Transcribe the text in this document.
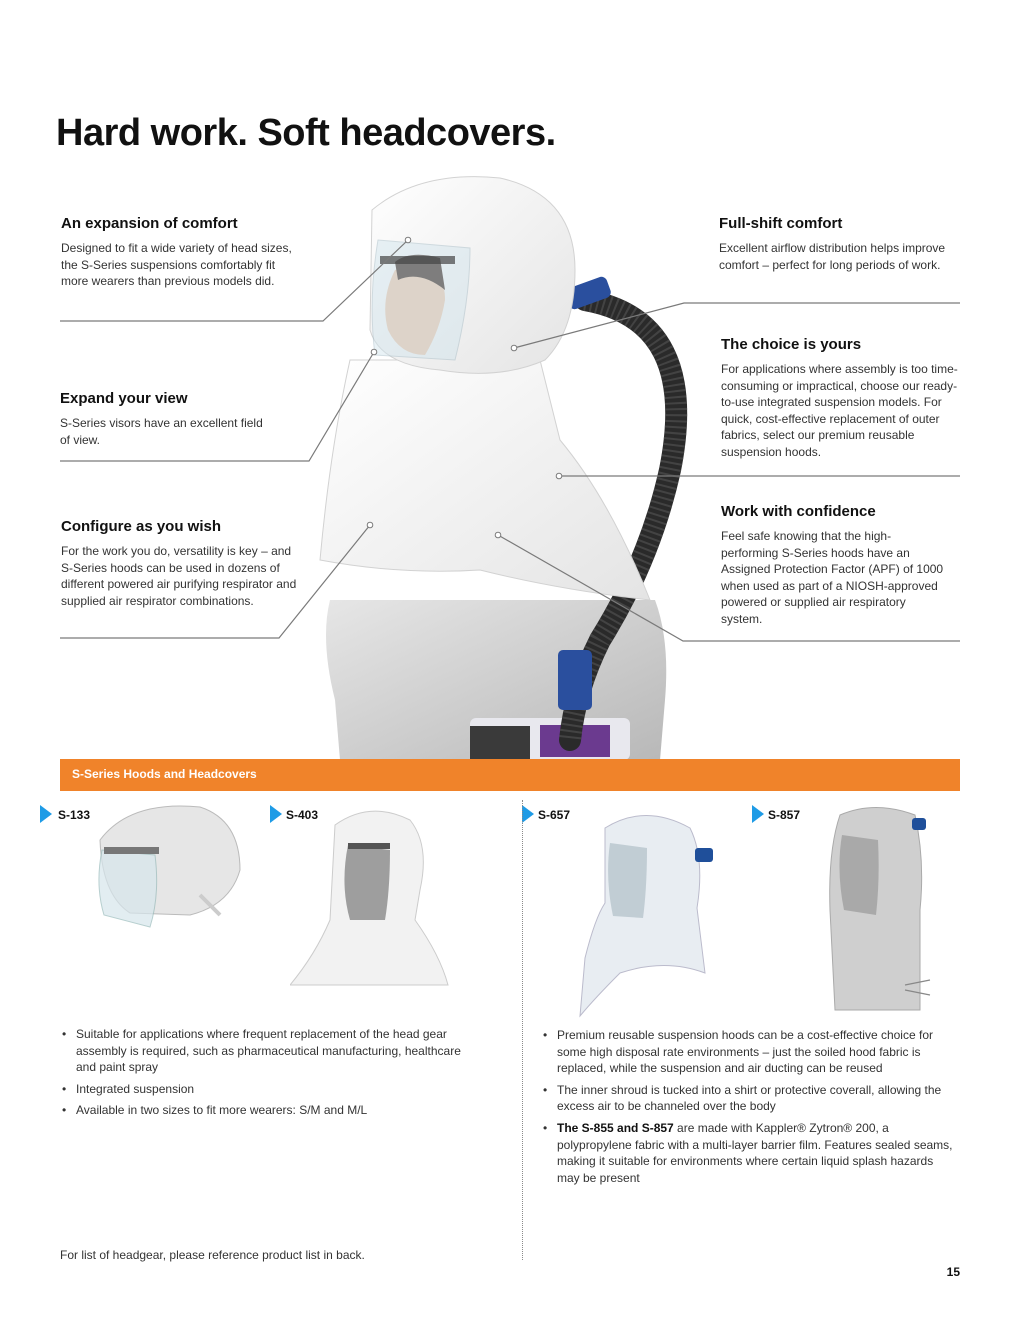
Hard work. Soft headcovers.
An expansion of comfort

Designed to fit a wide variety of head sizes, the S-Series suspensions comfortably fit more wearers than previous models did.

Expand your view

S-Series visors have an excellent field of view.

Configure as you wish

For the work you do, versatility is key – and S-Series hoods can be used in dozens of different powered air purifying respirator and supplied air respirator combinations.

Full-shift comfort

Excellent airflow distribution helps improve comfort – perfect for long periods of work.

The choice is yours

For applications where assembly is too time-consuming or impractical, choose our ready-to-use integrated suspension models. For quick, cost-effective replacement of outer fabrics, select our premium reusable suspension hoods.

Work with confidence

Feel safe knowing that the high-performing S-Series hoods have an Assigned Protection Factor (APF) of 1000 when used as part of a NIOSH-approved powered or supplied air respiratory system.

S-Series Hoods and Headcovers
S-133	S-403	S-657	S-857
• Suitable for applications where frequent replacement of the head gear assembly is required, such as pharmaceutical manufacturing, healthcare and paint spray
• Integrated suspension
• Available in two sizes to fit more wearers: S/M and M/L
• Premium reusable suspension hoods can be a cost-effective choice for some high disposal rate environments – just the soiled hood fabric is replaced, while the suspension and air ducting can be reused
• The inner shroud is tucked into a shirt or protective coverall, allowing the excess air to be channeled over the body
• The S-855 and S-857 are made with Kappler® Zytron® 200, a polypropylene fabric with a multi-layer barrier film. Features sealed seams, making it suitable for environments where certain liquid splash hazards may be present
For list of headgear, please reference product list in back.
15
